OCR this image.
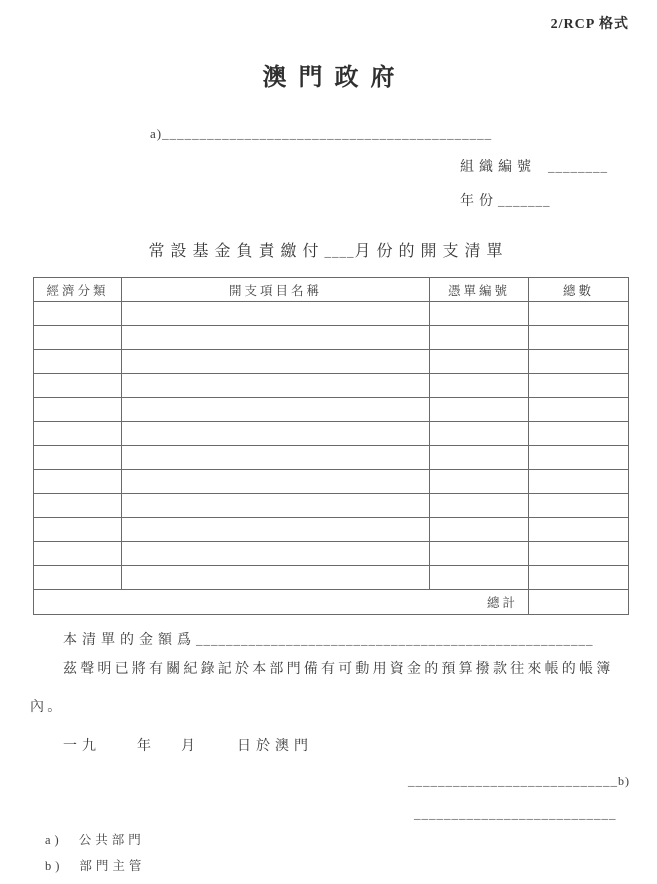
2/RCP 格式
澳門政府
a)____________________________________________
組織編號 ________
年份_______
常設基金負責繳付____月份的開支清單
經濟分類	開支項目名稱	憑單編號	總數

總計			
本清單的金額爲_____________________________________________________
茲聲明已將有關紀錄記於本部門備有可動用資金的預算撥款往來帳的帳簿
內。
一九	年 月	日於澳門
____________________________b)
___________________________
a) 公共部門
b) 部門主管
